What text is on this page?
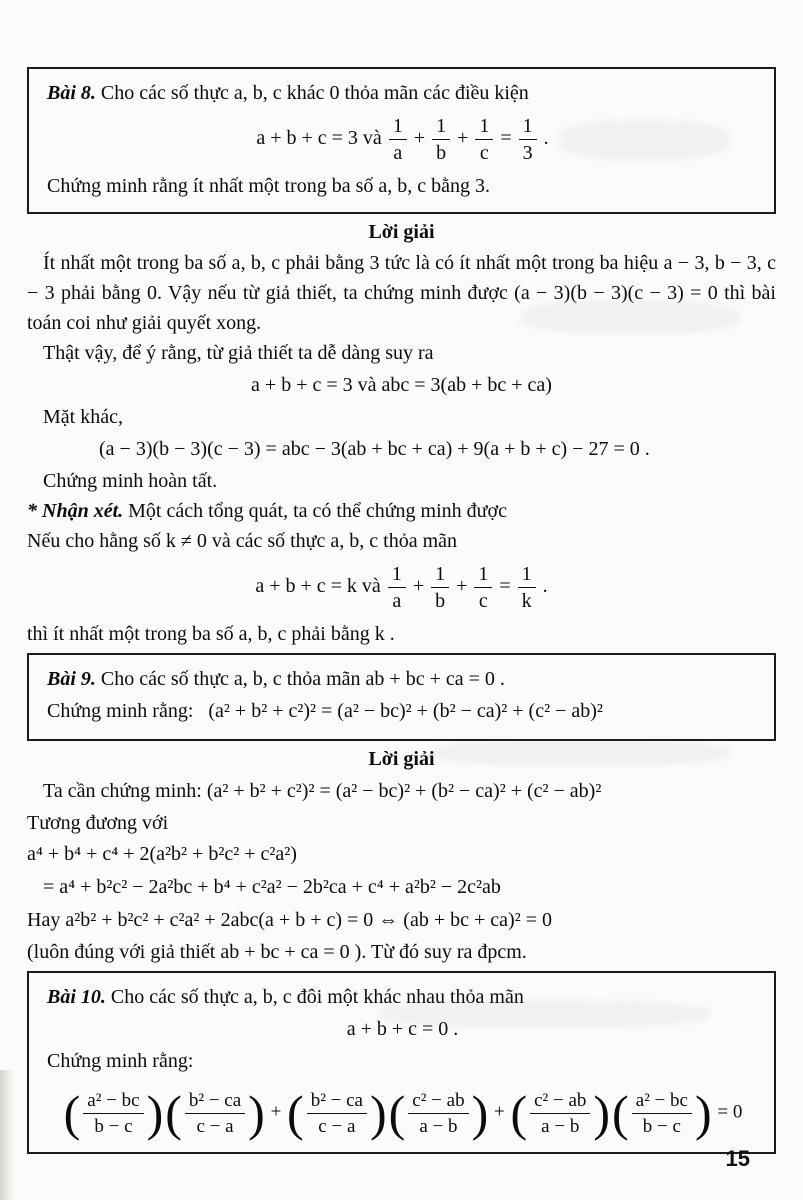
Bài 8. Cho các số thực a, b, c khác 0 thỏa mãn các điều kiện

a + b + c = 3 và $\frac{1}{a} + \frac{1}{b} + \frac{1}{c} = \frac{1}{3}$ .

Chứng minh rằng ít nhất một trong ba số a, b, c bằng 3.

Lời giải

Ít nhất một trong ba số a, b, c phải bằng 3 tức là có ít nhất một trong ba hiệu a − 3, b − 3, c − 3 phải bằng 0. Vậy nếu từ giả thiết, ta chứng minh được (a − 3)(b − 3)(c − 3) = 0 thì bài toán coi như giải quyết xong.

Thật vậy, để ý rằng, từ giả thiết ta dễ dàng suy ra

a + b + c = 3 và abc = 3(ab + bc + ca)

Mặt khác,

(a − 3)(b − 3)(c − 3) = abc − 3(ab + bc + ca) + 9(a + b + c) − 27 = 0 .

Chứng minh hoàn tất.

* Nhận xét. Một cách tổng quát, ta có thể chứng minh được

Nếu cho hằng số k ≠ 0 và các số thực a, b, c thỏa mãn

a + b + c = k và $\frac{1}{a} + \frac{1}{b} + \frac{1}{c} = \frac{1}{k}$ .

thì ít nhất một trong ba số a, b, c phải bằng k .

Bài 9. Cho các số thực a, b, c thỏa mãn ab + bc + ca = 0 .

Chứng minh rằng: (a² + b² + c²)² = (a² − bc)² + (b² − ca)² + (c² − ab)²

Lời giải

Ta cần chứng minh: (a² + b² + c²)² = (a² − bc)² + (b² − ca)² + (c² − ab)²

Tương đương với

a⁴ + b⁴ + c⁴ + 2(a²b² + b²c² + c²a²)

= a⁴ + b²c² − 2a²bc + b⁴ + c²a² − 2b²ca + c⁴ + a²b² − 2c²ab

Hay a²b² + b²c² + c²a² + 2abc(a + b + c) = 0 ⇔ (ab + bc + ca)² = 0

(luôn đúng với giả thiết ab + bc + ca = 0 ). Từ đó suy ra đpcm.

Bài 10. Cho các số thực a, b, c đôi một khác nhau thỏa mãn

a + b + c = 0 .

Chứng minh rằng:

( $\frac{\text{a² − bc}}{b - c}$ )( $\frac{\text{b² − ca}}{c - a}$ ) + ( $\frac{\text{b² − ca}}{c - a}$ )( $\frac{\text{c² − ab}}{a - b}$ ) + ( $\frac{\text{c² − ab}}{a - b}$ )( $\frac{\text{a² − bc}}{b - c}$ ) = 0
15
